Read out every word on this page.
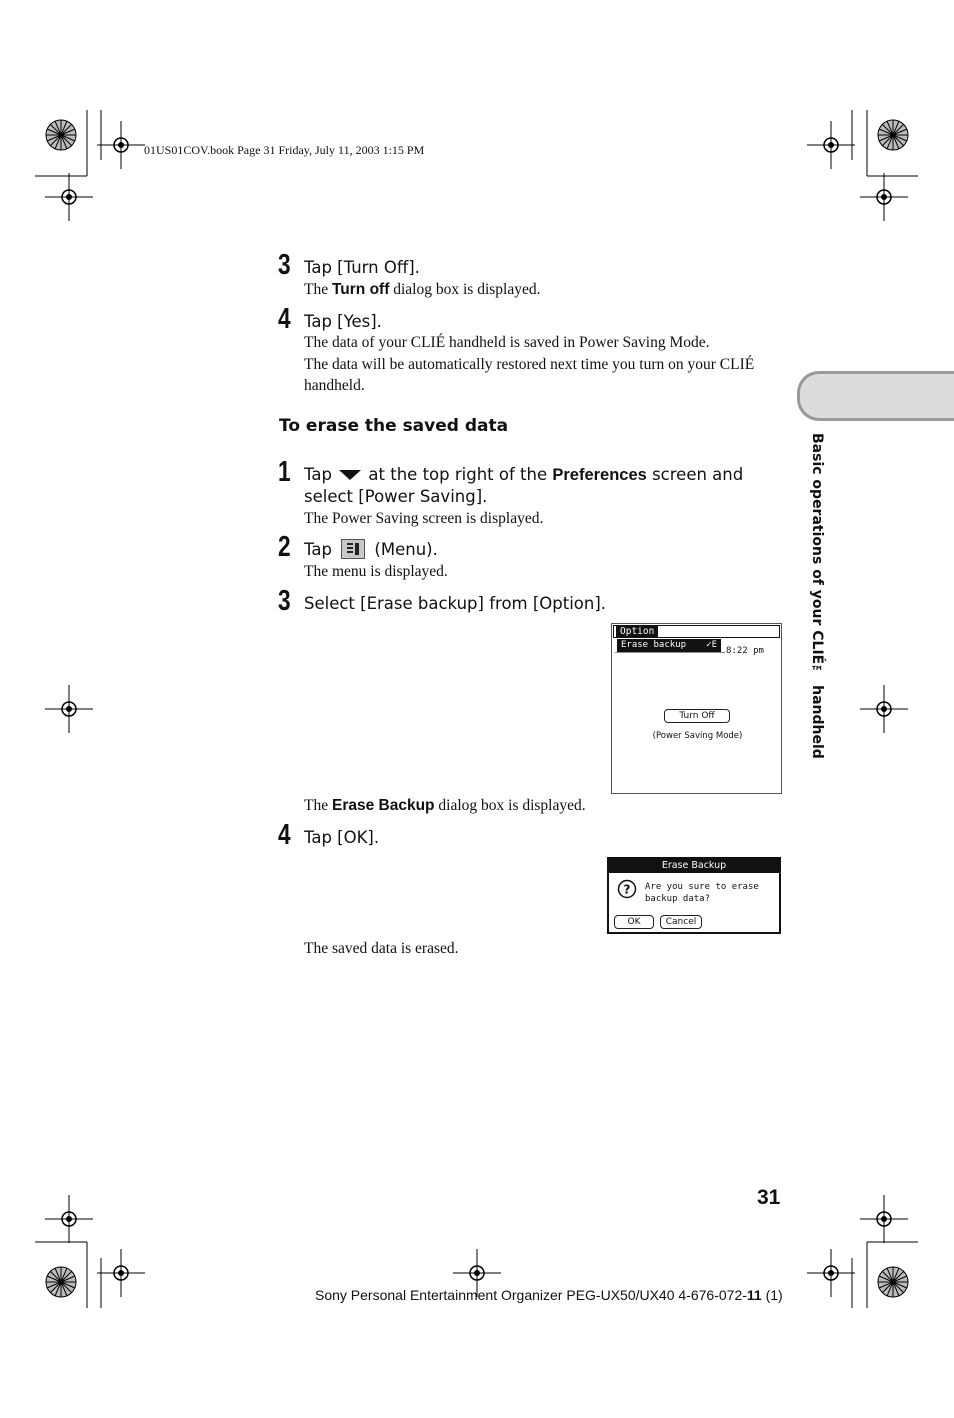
01US01COV.book Page 31 Friday, July 11, 2003 1:15 PM
3 Tap [Turn Off].
The Turn off dialog box is displayed.
4 Tap [Yes].
The data of your CLIÉ handheld is saved in Power Saving Mode.
The data will be automatically restored next time you turn on your CLIÉ
handheld.
To erase the saved data
1 Tap  at the top right of the Preferences screen and
select [Power Saving].
The Power Saving screen is displayed.
2 Tap  (Menu).
The menu is displayed.
3 Select [Erase backup] from [Option].
Option
Erase backup ✓E
8:22 pm
Turn Off
(Power Saving Mode)
The Erase Backup dialog box is displayed.
4 Tap [OK].
Erase Backup
? Are you sure to erase
backup data?
OK	Cancel
The saved data is erased.
Basic operations of your CLIÉ™ handheld
31
Sony Personal Entertainment Organizer PEG-UX50/UX40 4-676-072-11 (1)
